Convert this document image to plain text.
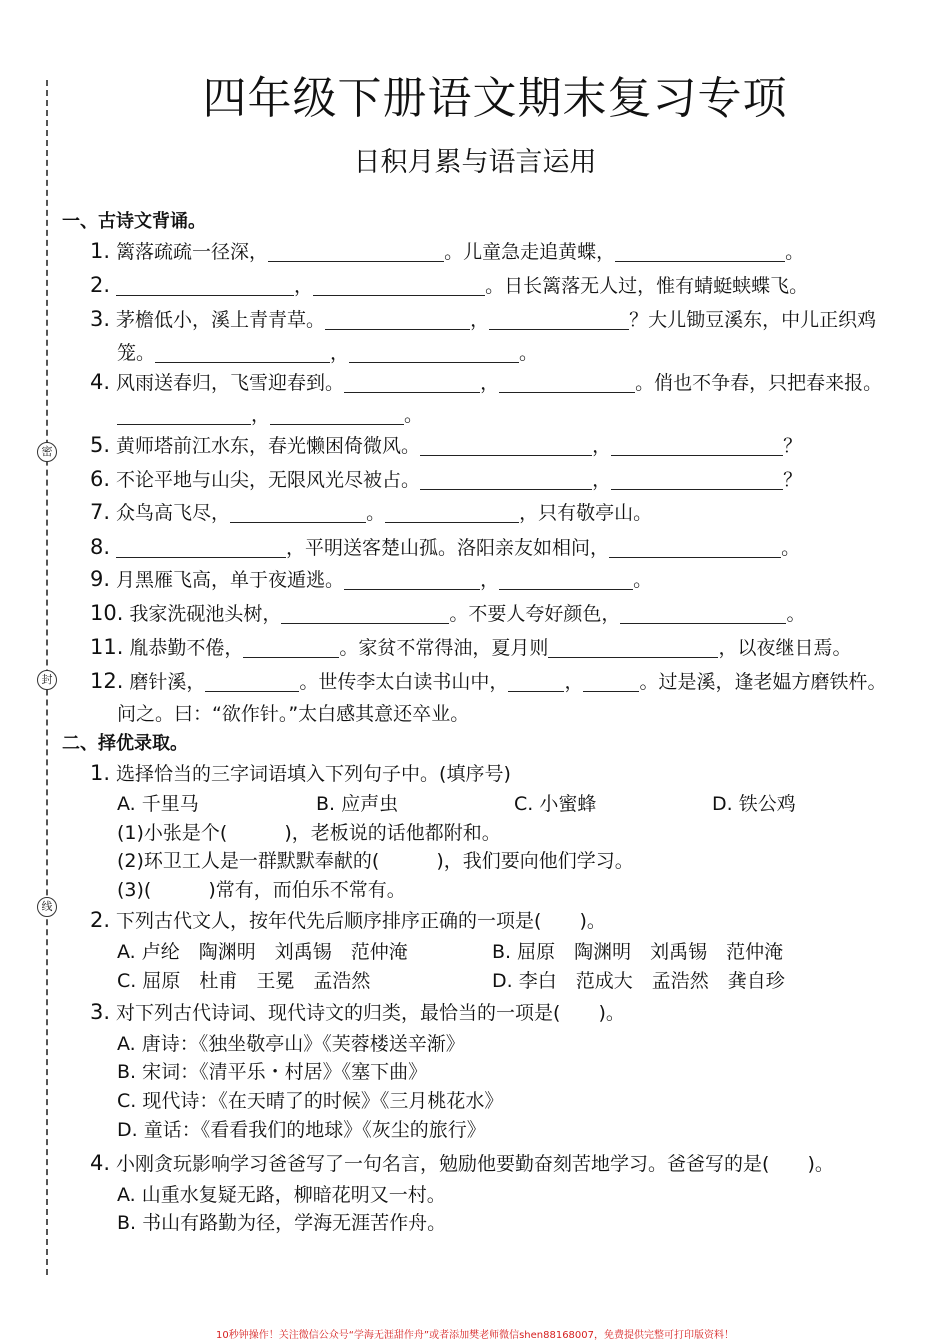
密
封
线
四年级下册语文期末复习专项
日积月累与语言运用
一、古诗文背诵。
1. 篱落疏疏一径深，	。儿童急走追黄蝶，	。
2.	，	。日长篱落无人过，惟有蜻蜓蛱蝶飞。
3. 茅檐低小，溪上青青草。	，	？大儿锄豆溪东，中儿正织鸡
笼。	，	。
4. 风雨送春归，飞雪迎春到。	，	。俏也不争春，只把春来报。
，	。
5. 黄师塔前江水东，春光懒困倚微风。	，	？
6. 不论平地与山尖，无限风光尽被占。	，	？
7. 众鸟高飞尽，	。	，只有敬亭山。
8.	，平明送客楚山孤。洛阳亲友如相问，	。
9. 月黑雁飞高，单于夜遁逃。	，	。
10. 我家洗砚池头树，	。不要人夸好颜色，	。
11. 胤恭勤不倦，	。家贫不常得油，夏月则	，以夜继日焉。
12. 磨针溪，	。世传李太白读书山中，	，	。过是溪，逢老媪方磨铁杵。
问之。曰：“欲作针。”太白感其意还卒业。
二、择优录取。
1. 选择恰当的三字词语填入下列句子中。(填序号)
A. 千里马	B. 应声虫	C. 小蜜蜂	D. 铁公鸡
(1)小张是个(　　　)，老板说的话他都附和。
(2)环卫工人是一群默默奉献的(　　　)，我们要向他们学习。
(3)(　　　)常有，而伯乐不常有。
2. 下列古代文人，按年代先后顺序排序正确的一项是(　　)。
A. 卢纶　陶渊明　刘禹锡　范仲淹	B. 屈原　陶渊明　刘禹锡　范仲淹
C. 屈原　杜甫　王冕　孟浩然	D. 李白　范成大　孟浩然　龚自珍
3. 对下列古代诗词、现代诗文的归类，最恰当的一项是(　　)。
A. 唐诗：《独坐敬亭山》《芙蓉楼送辛渐》
B. 宋词：《清平乐・村居》《塞下曲》
C. 现代诗：《在天晴了的时候》《三月桃花水》
D. 童话：《看看我们的地球》《灰尘的旅行》
4. 小刚贪玩影响学习爸爸写了一句名言，勉励他要勤奋刻苦地学习。爸爸写的是(　　)。
A. 山重水复疑无路，柳暗花明又一村。
B. 书山有路勤为径，学海无涯苦作舟。
10秒钟操作！关注微信公众号“学海无涯甜作舟”或者添加樊老师微信shen88168007，免费提供完整可打印版资料！
